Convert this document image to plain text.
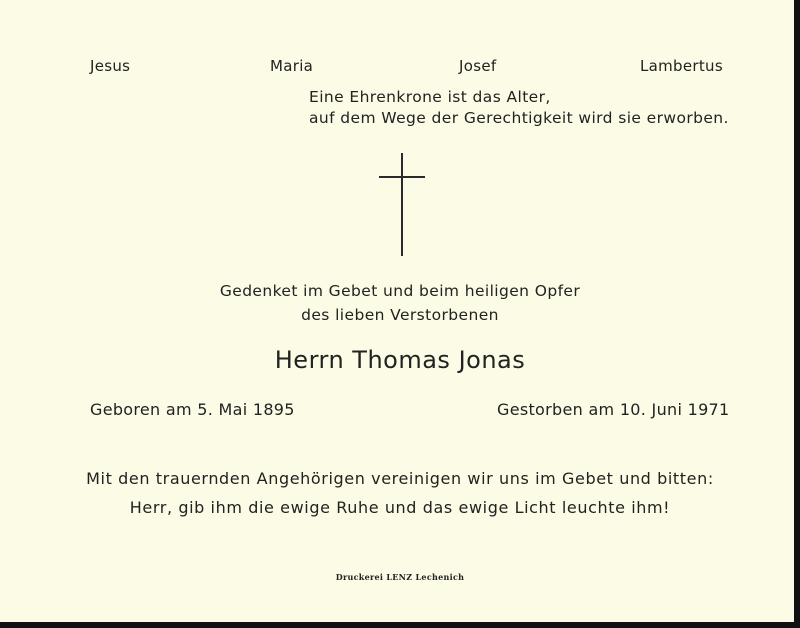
Jesus	Maria	Josef	Lambertus
Eine Ehrenkrone ist das Alter,
auf dem Wege der Gerechtigkeit wird sie erworben.
Gedenket im Gebet und beim heiligen Opfer
des lieben Verstorbenen
Herrn Thomas Jonas
Geboren am 5. Mai 1895	Gestorben am 10. Juni 1971
Mit den trauernden Angehörigen vereinigen wir uns im Gebet und bitten:
Herr, gib ihm die ewige Ruhe und das ewige Licht leuchte ihm!
Druckerei LENZ Lechenich
